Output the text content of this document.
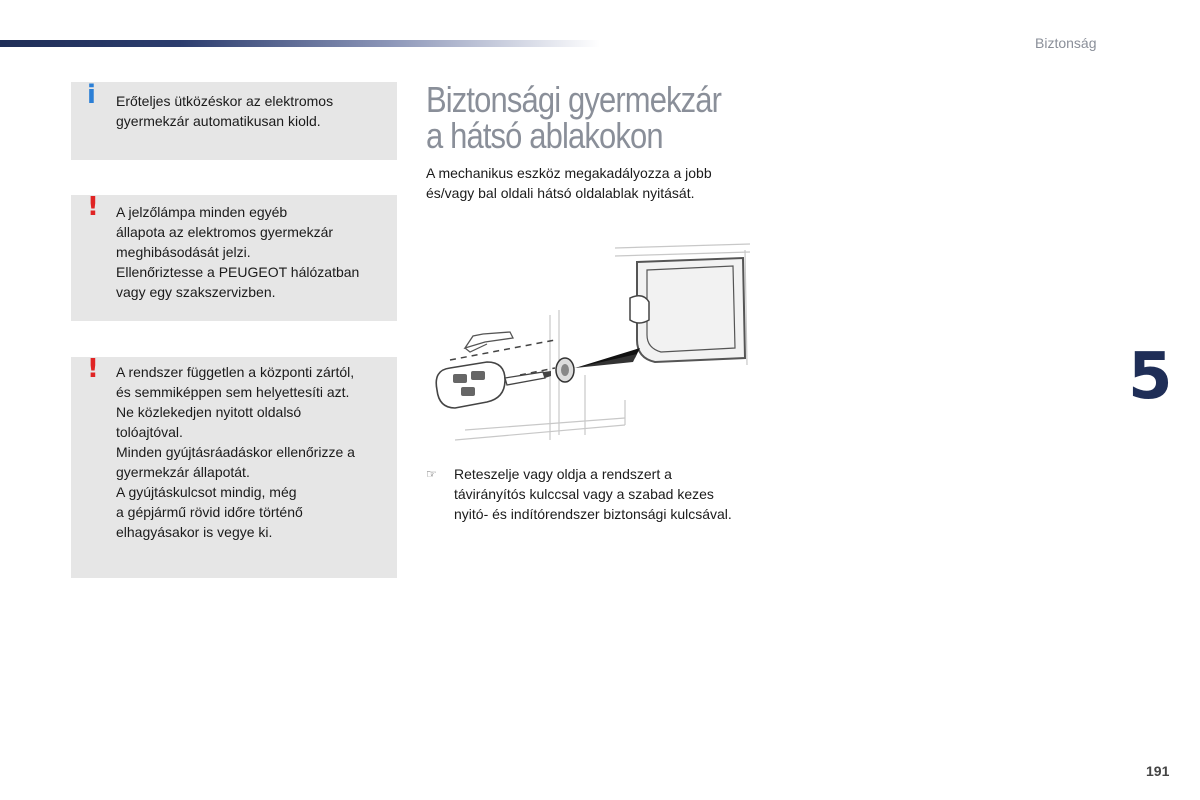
Biztonság
i Erőteljes ütközéskor az elektromos

gyermekzár automatikusan kiold.

! A jelzőlámpa minden egyéb

állapota az elektromos gyermekzár

meghibásodását jelzi.

Ellenőriztesse a PEUGEOT hálózatban

vagy egy szakszervizben.

! A rendszer független a központi zártól,

és semmiképpen sem helyettesíti azt.

Ne közlekedjen nyitott oldalsó

tolóajtóval.

Minden gyújtásráadáskor ellenőrizze a

gyermekzár állapotát.

A gyújtáskulcsot mindig, még

a gépjármű rövid időre történő

elhagyásakor is vegye ki.

Biztonsági gyermekzár
a hátsó ablakokon
A mechanikus eszköz megakadályozza a jobb és/vagy bal oldali hátsó oldalablak nyitását.
☞ Reteszelje vagy oldja a rendszert a távirányítós kulccsal vagy a szabad kezes nyitó- és indítórendszer biztonsági kulcsával.
5
191
